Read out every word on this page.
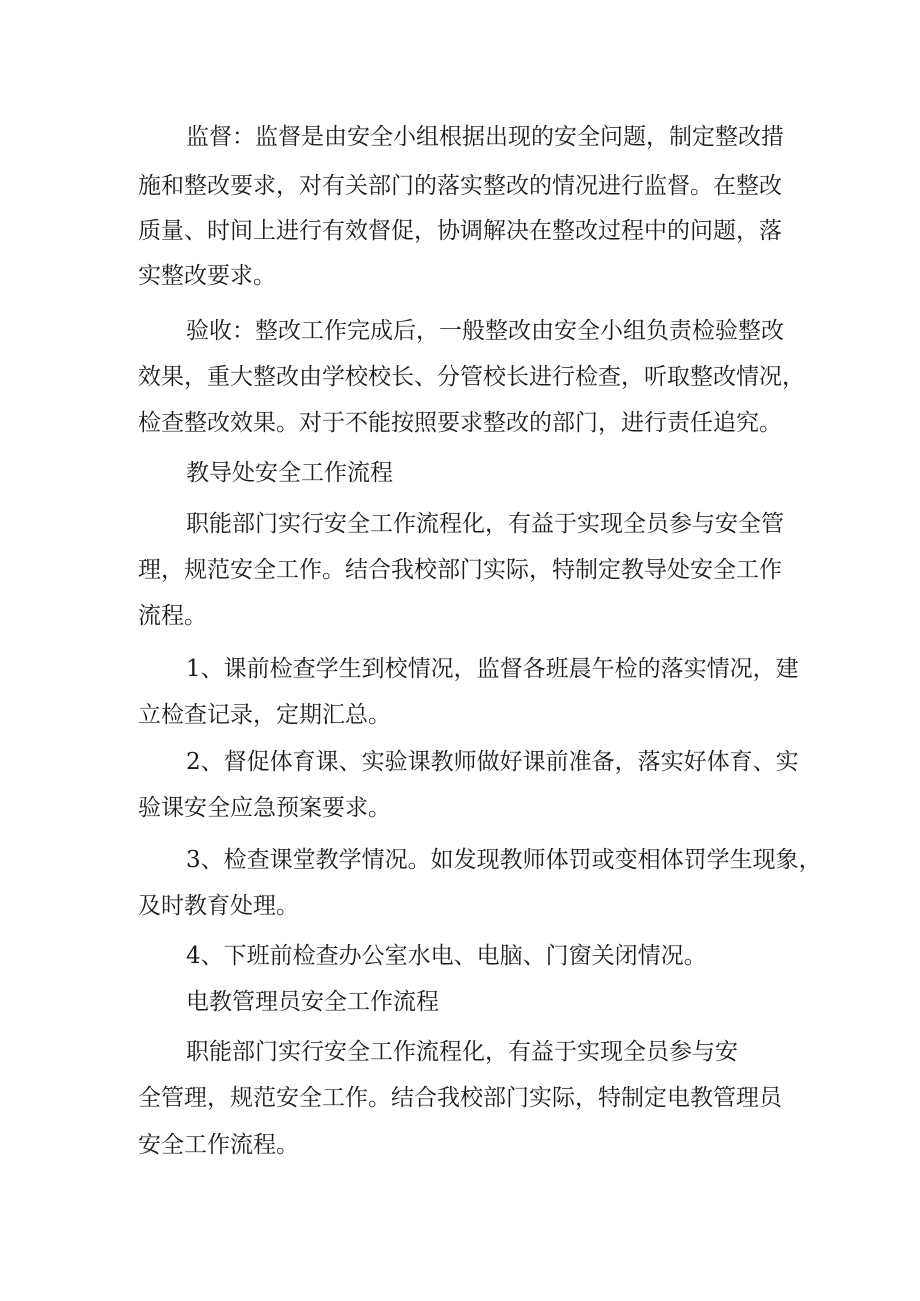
监督：监督是由安全小组根据出现的安全问题，制定整改措
施和整改要求，对有关部门的落实整改的情况进行监督。在整改
质量、时间上进行有效督促，协调解决在整改过程中的问题，落
实整改要求。
验收：整改工作完成后，一般整改由安全小组负责检验整改
效果，重大整改由学校校长、分管校长进行检查，听取整改情况，
检查整改效果。对于不能按照要求整改的部门，进行责任追究。
教导处安全工作流程
职能部门实行安全工作流程化，有益于实现全员参与安全管
理，规范安全工作。结合我校部门实际，特制定教导处安全工作
流程。
1、课前检查学生到校情况，监督各班晨午检的落实情况，建
立检查记录，定期汇总。
2、督促体育课、实验课教师做好课前准备，落实好体育、实
验课安全应急预案要求。
3、检查课堂教学情况。如发现教师体罚或变相体罚学生现象，
及时教育处理。
4、下班前检查办公室水电、电脑、门窗关闭情况。
电教管理员安全工作流程
职能部门实行安全工作流程化，有益于实现全员参与安
全管理，规范安全工作。结合我校部门实际，特制定电教管理员
安全工作流程。
